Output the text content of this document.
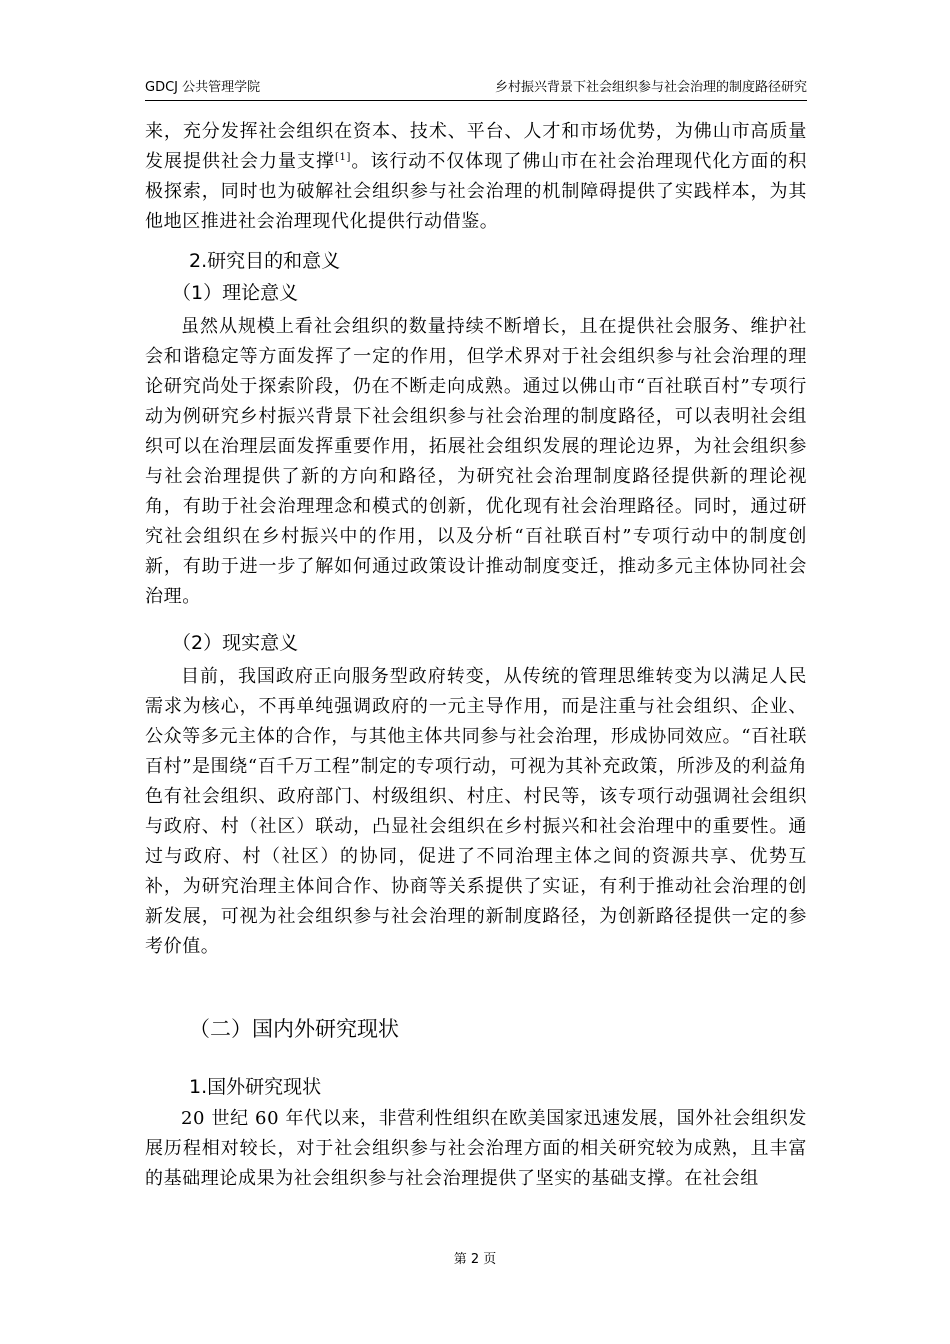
GDCJ 公共管理学院	乡村振兴背景下社会组织参与社会治理的制度路径研究

来，充分发挥社会组织在资本、技术、平台、人才和市场优势，为佛山市高质量发展提供社会力量支撑[1]。该行动不仅体现了佛山市在社会治理现代化方面的积极探索，同时也为破解社会组织参与社会治理的机制障碍提供了实践样本，为其他地区推进社会治理现代化提供行动借鉴。

2.研究目的和意义
（1）理论意义

虽然从规模上看社会组织的数量持续不断增长，且在提供社会服务、维护社会和谐稳定等方面发挥了一定的作用，但学术界对于社会组织参与社会治理的理论研究尚处于探索阶段，仍在不断走向成熟。通过以佛山市“百社联百村”专项行动为例研究乡村振兴背景下社会组织参与社会治理的制度路径，可以表明社会组织可以在治理层面发挥重要作用，拓展社会组织发展的理论边界，为社会组织参与社会治理提供了新的方向和路径，为研究社会治理制度路径提供新的理论视角，有助于社会治理理念和模式的创新，优化现有社会治理路径。同时，通过研究社会组织在乡村振兴中的作用，以及分析“百社联百村”专项行动中的制度创新，有助于进一步了解如何通过政策设计推动制度变迁，推动多元主体协同社会治理。

（2）现实意义

目前，我国政府正向服务型政府转变，从传统的管理思维转变为以满足人民需求为核心，不再单纯强调政府的一元主导作用，而是注重与社会组织、企业、公众等多元主体的合作，与其他主体共同参与社会治理，形成协同效应。“百社联百村”是围绕“百千万工程”制定的专项行动，可视为其补充政策，所涉及的利益角色有社会组织、政府部门、村级组织、村庄、村民等，该专项行动强调社会组织与政府、村（社区）联动，凸显社会组织在乡村振兴和社会治理中的重要性。通过与政府、村（社区）的协同，促进了不同治理主体之间的资源共享、优势互补，为研究治理主体间合作、协商等关系提供了实证，有利于推动社会治理的创新发展，可视为社会组织参与社会治理的新制度路径，为创新路径提供一定的参考价值。

（二）国内外研究现状
1.国外研究现状

20 世纪 60 年代以来，非营利性组织在欧美国家迅速发展，国外社会组织发展历程相对较长，对于社会组织参与社会治理方面的相关研究较为成熟，且丰富的基础理论成果为社会组织参与社会治理提供了坚实的基础支撑。在社会组

第 2 页
